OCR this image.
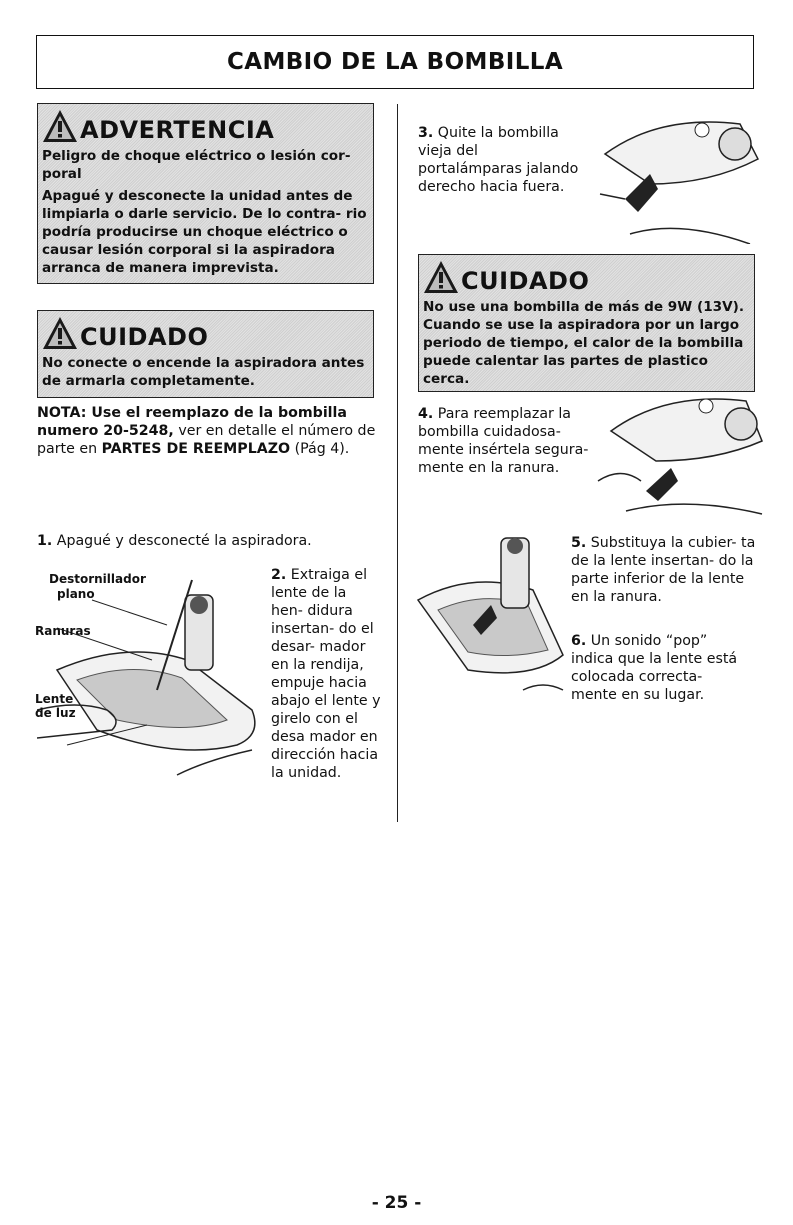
CAMBIO DE LA BOMBILLA
ADVERTENCIA

Peligro de choque eléctrico o lesión cor- poral

Apagué y desconecte la unidad antes de limpiarla o darle servicio. De lo contra- rio podría producirse un choque eléctrico o causar lesión corporal si la aspiradora arranca de manera imprevista.

CUIDADO

No conecte o encende la aspiradora antes de armarla completamente.

NOTA: Use el reemplazo de la bombilla numero 20-5248, ver en detalle el número de parte en PARTES DE REEMPLAZO (Pág 4).

1. Apagué y desconecté la aspiradora.

Destornillador
plano
Ranuras
Lente
de luz

2. Extraiga el lente de la hen- didura insertan- do el desar- mador en la rendija, empuje hacia abajo el lente y girelo con el desa mador en dirección hacia la unidad.

3. Quite la bombilla vieja del portalámparas jalando derecho hacia fuera.

CUIDADO

No use una bombilla de más de 9W (13V). Cuando se use la aspiradora por un largo periodo de tiempo, el calor de la bombilla puede calentar las partes de plastico cerca.

4. Para reemplazar la bombilla cuidadosa- mente insértela segura- mente en la ranura.

5. Substituya la cubier- ta de la lente insertan- do la parte inferior de la lente en la ranura.

6. Un sonido “pop” indica que la lente está colocada correcta- mente en su lugar.

- 25 -
